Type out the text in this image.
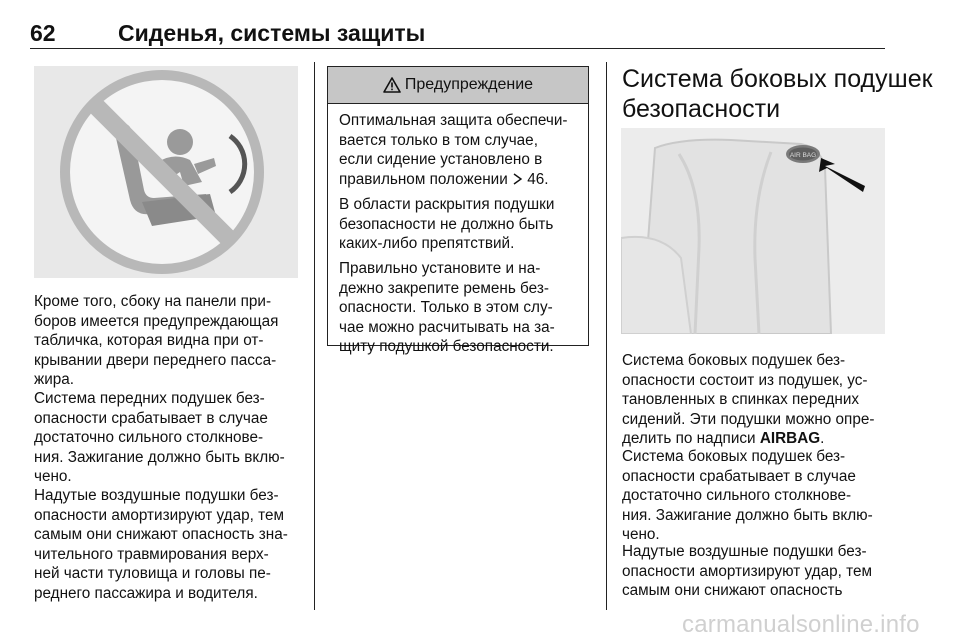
62	Сиденья, системы защиты

Кроме того, сбоку на панели при-
боров имеется предупреждающая
табличка, которая видна при от-
крывании двери переднего пасса-
жира.

Система передних подушек без-
опасности срабатывает в случае
достаточно сильного столкнове-
ния. Зажигание должно быть вклю-
чено.

Надутые воздушные подушки без-
опасности амортизируют удар, тем
самым они снижают опасность зна-
чительного травмирования верх-
ней части туловища и головы пе-
реднего пассажира и водителя.

Предупреждение

Оптимальная защита обеспечи-
вается только в том случае,
если сидение установлено в
правильном положении  46.

В области раскрытия подушки
безопасности не должно быть
каких-либо препятствий.

Правильно установите и на-
дежно закрепите ремень без-
опасности. Только в этом слу-
чае можно расчитывать на за-
щиту подушкой безопасности.

Система боковых подушек
безопасности
AIR BAG

Система боковых подушек без-
опасности состоит из подушек, ус-
тановленных в спинках передних
сидений. Эти подушки можно опре-
делить по надписи AIRBAG.

Система боковых подушек без-
опасности срабатывает в случае
достаточно сильного столкнове-
ния. Зажигание должно быть вклю-
чено.

Надутые воздушные подушки без-
опасности амортизируют удар, тем
самым они снижают опасность

carmanualsonline.info
